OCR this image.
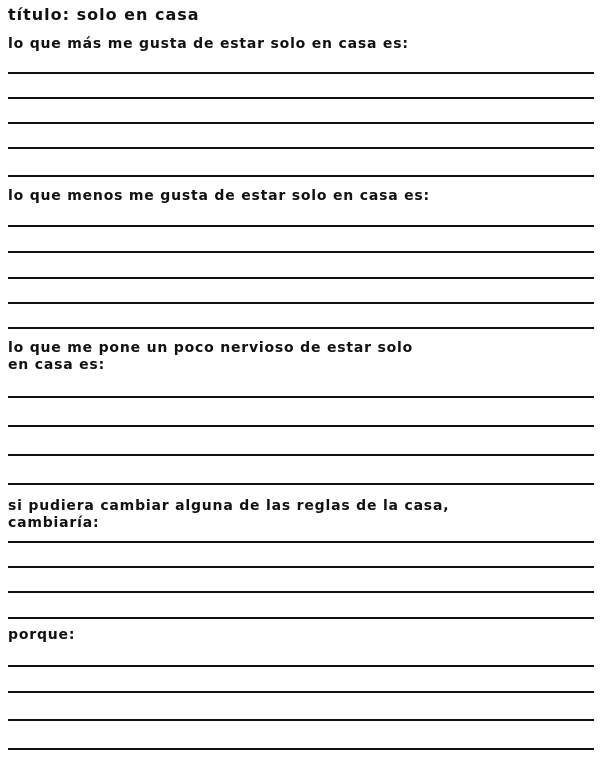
título: solo en casa
lo que más me gusta de estar solo en casa es:
lo que menos me gusta de estar solo en casa es:
lo que me pone un poco nervioso de estar solo
en casa es:
si pudiera cambiar alguna de las reglas de la casa,
cambiaría:
porque:
